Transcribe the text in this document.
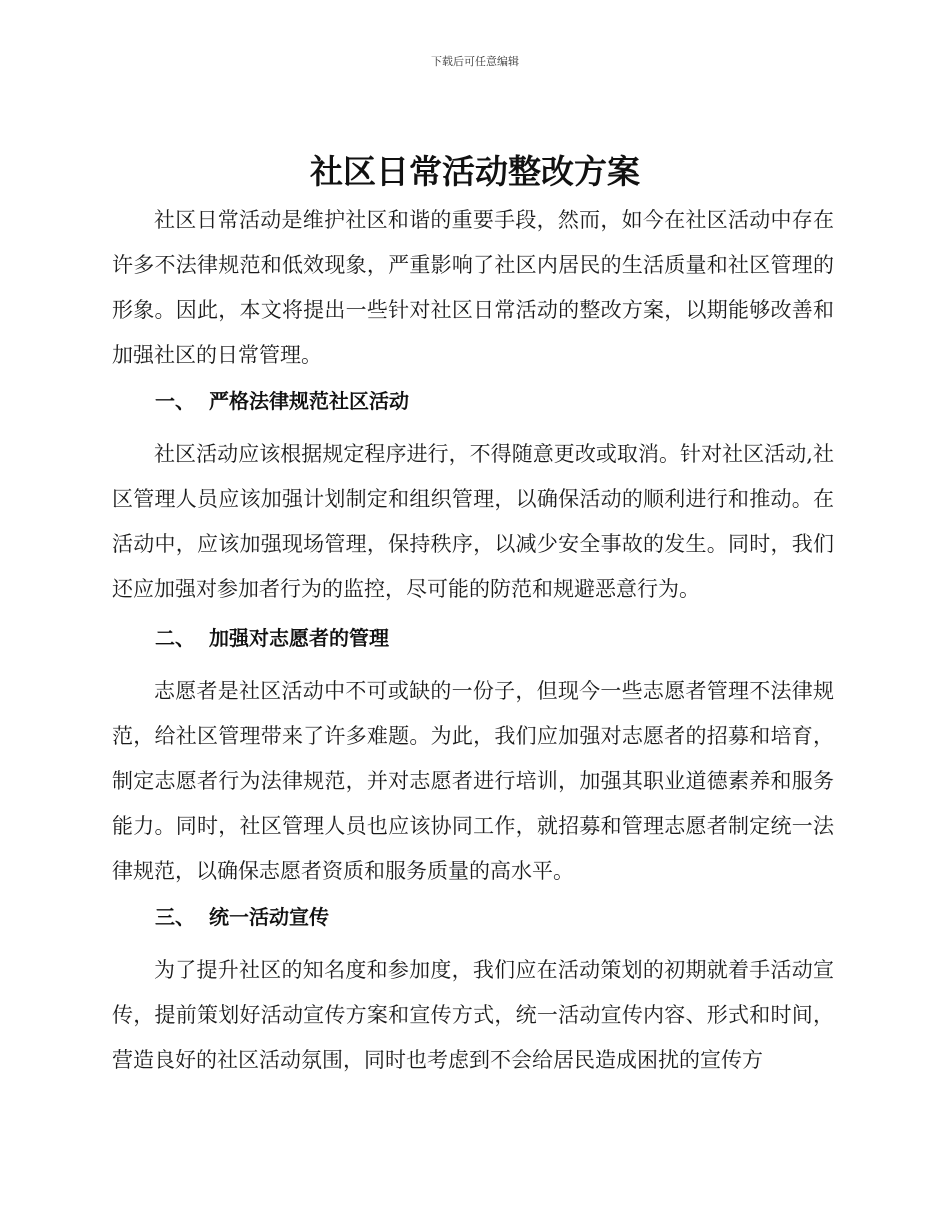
下载后可任意编辑
社区日常活动整改方案

社区日常活动是维护社区和谐的重要手段，然而，如今在社区活动中存在许多不法律规范和低效现象，严重影响了社区内居民的生活质量和社区管理的形象。因此，本文将提出一些针对社区日常活动的整改方案，以期能够改善和加强社区的日常管理。

一、 严格法律规范社区活动

社区活动应该根据规定程序进行，不得随意更改或取消。针对社区活动,社区管理人员应该加强计划制定和组织管理，以确保活动的顺利进行和推动。在活动中，应该加强现场管理，保持秩序，以减少安全事故的发生。同时，我们还应加强对参加者行为的监控，尽可能的防范和规避恶意行为。

二、 加强对志愿者的管理

志愿者是社区活动中不可或缺的一份子，但现今一些志愿者管理不法律规范，给社区管理带来了许多难题。为此，我们应加强对志愿者的招募和培育，制定志愿者行为法律规范，并对志愿者进行培训，加强其职业道德素养和服务能力。同时，社区管理人员也应该协同工作，就招募和管理志愿者制定统一法律规范，以确保志愿者资质和服务质量的高水平。

三、 统一活动宣传

为了提升社区的知名度和参加度，我们应在活动策划的初期就着手活动宣传，提前策划好活动宣传方案和宣传方式，统一活动宣传内容、形式和时间，营造良好的社区活动氛围，同时也考虑到不会给居民造成困扰的宣传方
